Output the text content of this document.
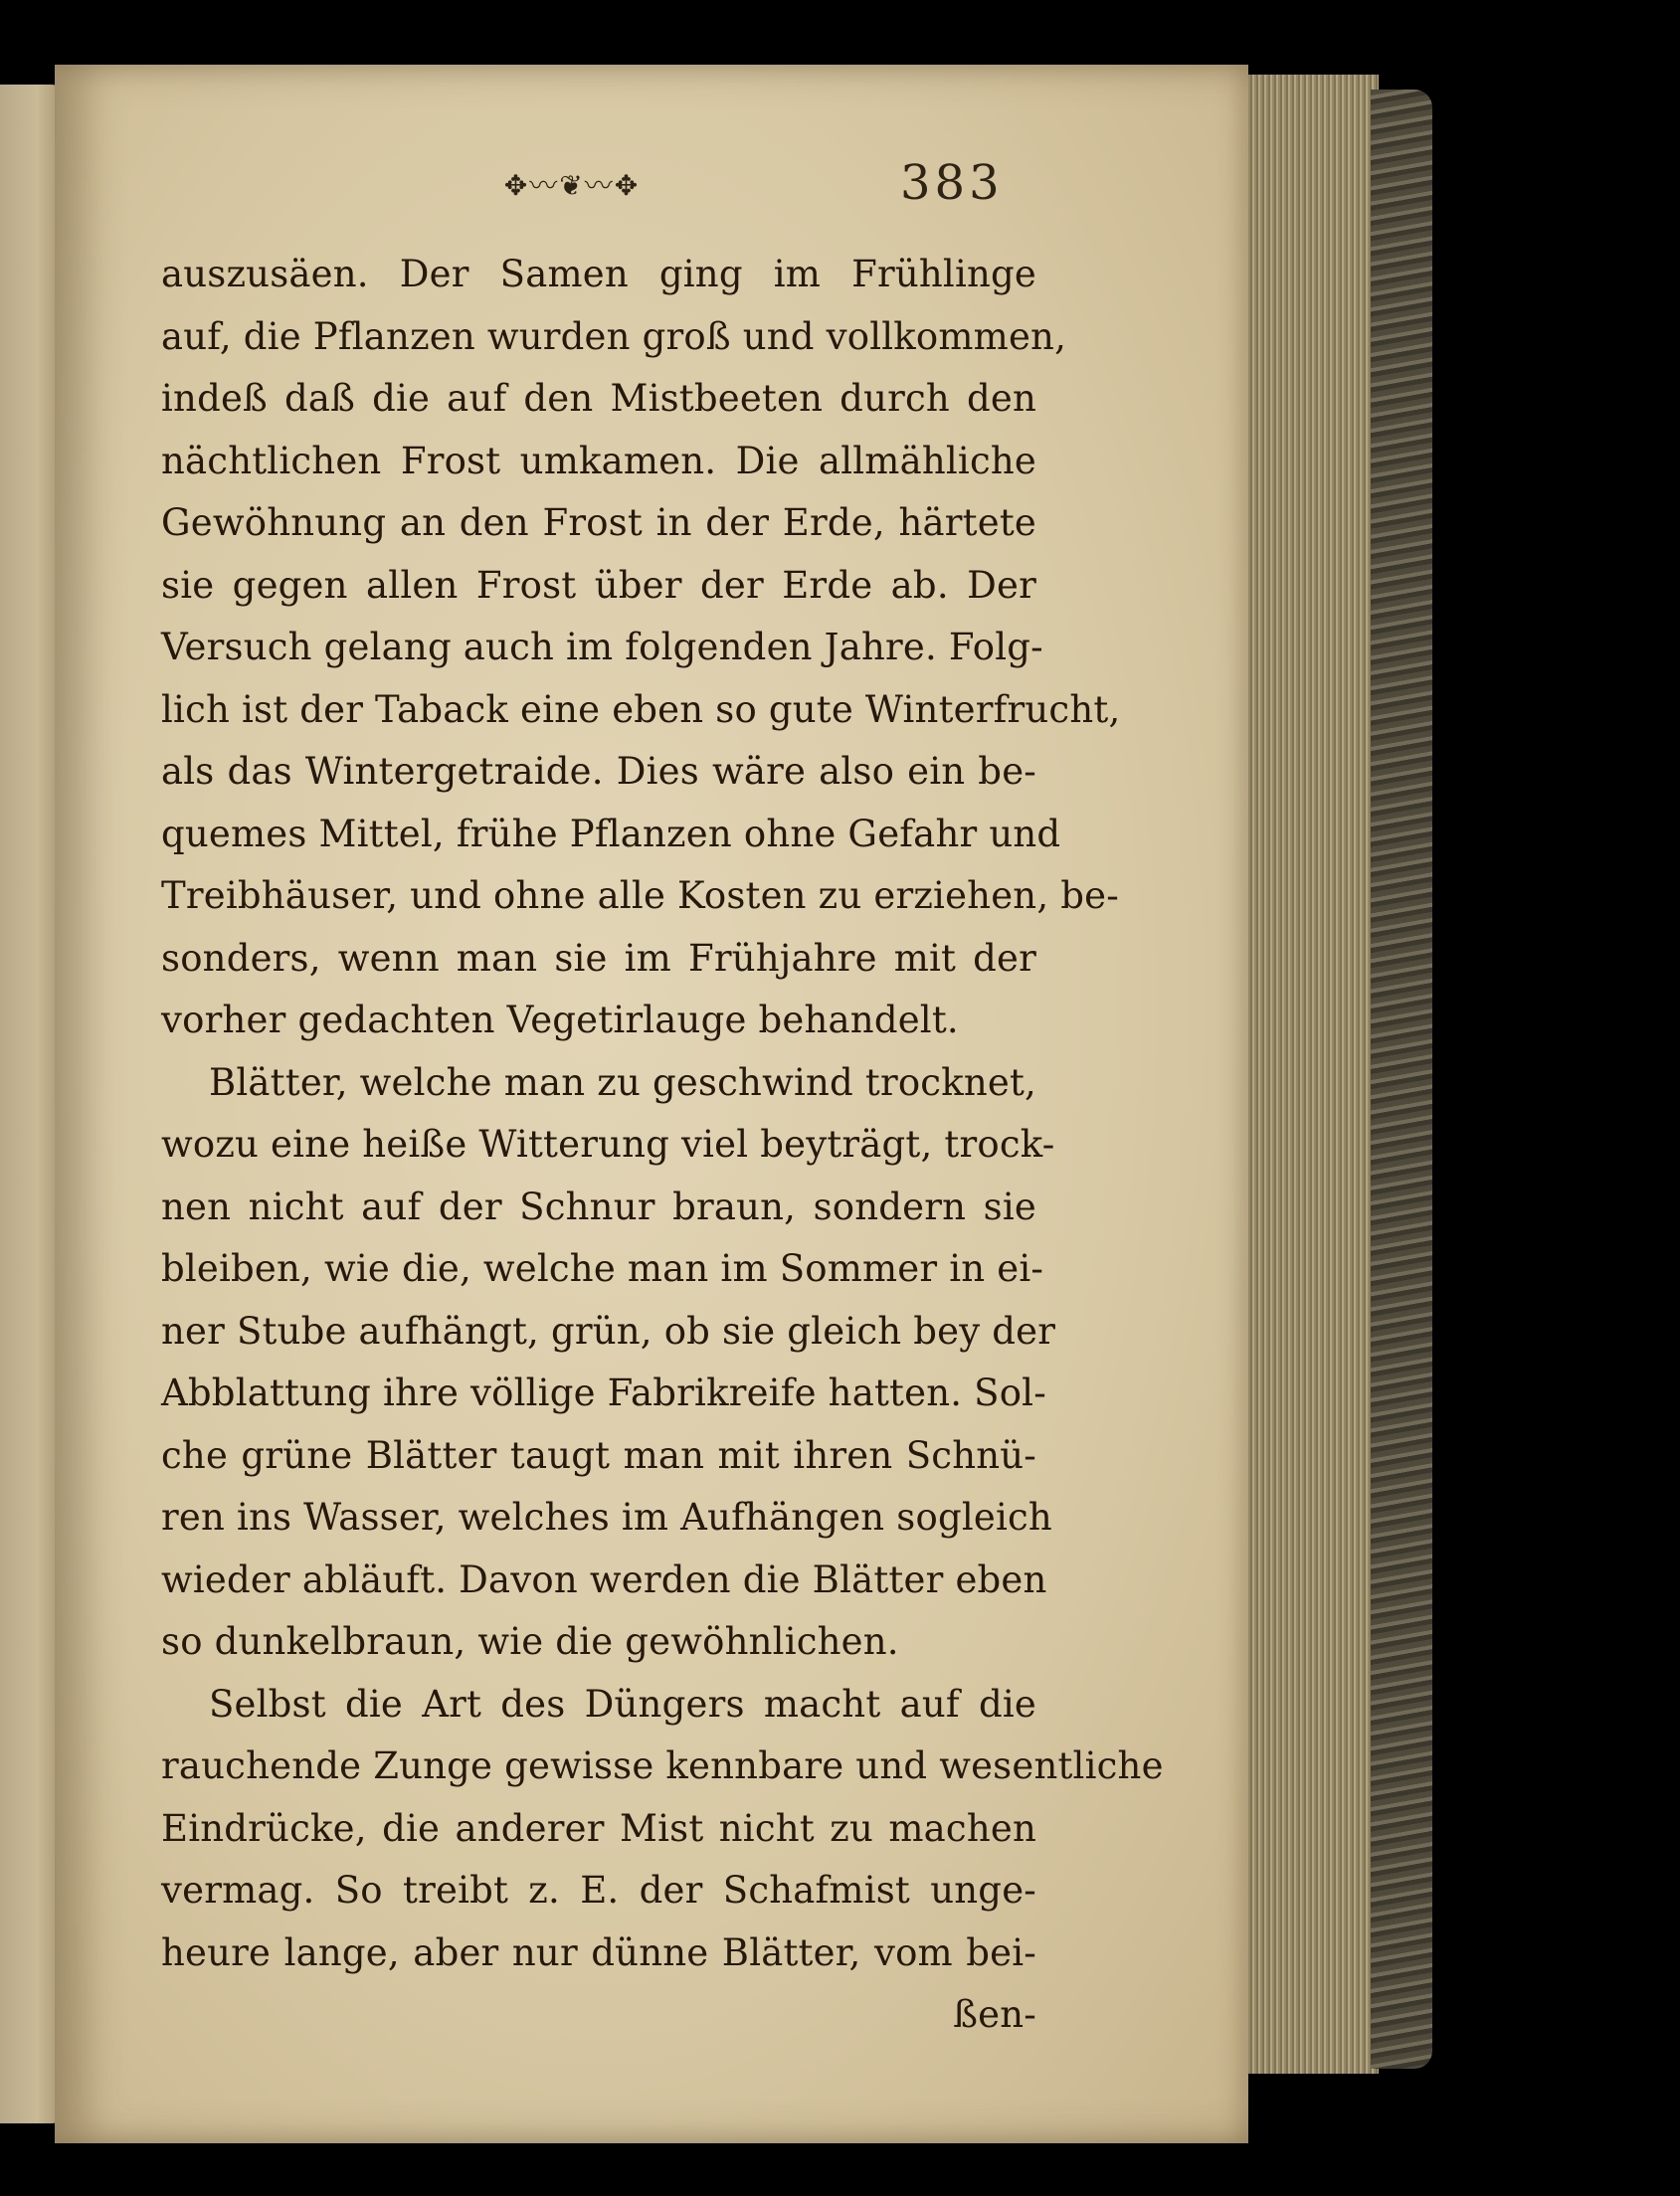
✥〰❦〰✥	383
auszusäen. Der Samen ging im Frühlinge
auf, die Pflanzen wurden groß und vollkommen,
indeß daß die auf den Mistbeeten durch den
nächtlichen Frost umkamen. Die allmähliche
Gewöhnung an den Frost in der Erde, härtete
sie gegen allen Frost über der Erde ab. Der
Versuch gelang auch im folgenden Jahre. Folg-
lich ist der Taback eine eben so gute Winterfrucht,
als das Wintergetraide. Dies wäre also ein be-
quemes Mittel, frühe Pflanzen ohne Gefahr und
Treibhäuser, und ohne alle Kosten zu erziehen, be-
sonders, wenn man sie im Frühjahre mit der
vorher gedachten Vegetirlauge behandelt.
Blätter, welche man zu geschwind trocknet,
wozu eine heiße Witterung viel beyträgt, trock-
nen nicht auf der Schnur braun, sondern sie
bleiben, wie die, welche man im Sommer in ei-
ner Stube aufhängt, grün, ob sie gleich bey der
Abblattung ihre völlige Fabrikreife hatten. Sol-
che grüne Blätter taugt man mit ihren Schnü-
ren ins Wasser, welches im Aufhängen sogleich
wieder abläuft. Davon werden die Blätter eben
so dunkelbraun, wie die gewöhnlichen.
Selbst die Art des Düngers macht auf die
rauchende Zunge gewisse kennbare und wesentliche
Eindrücke, die anderer Mist nicht zu machen
vermag. So treibt z. E. der Schafmist unge-
heure lange, aber nur dünne Blätter, vom bei-
ßen-
